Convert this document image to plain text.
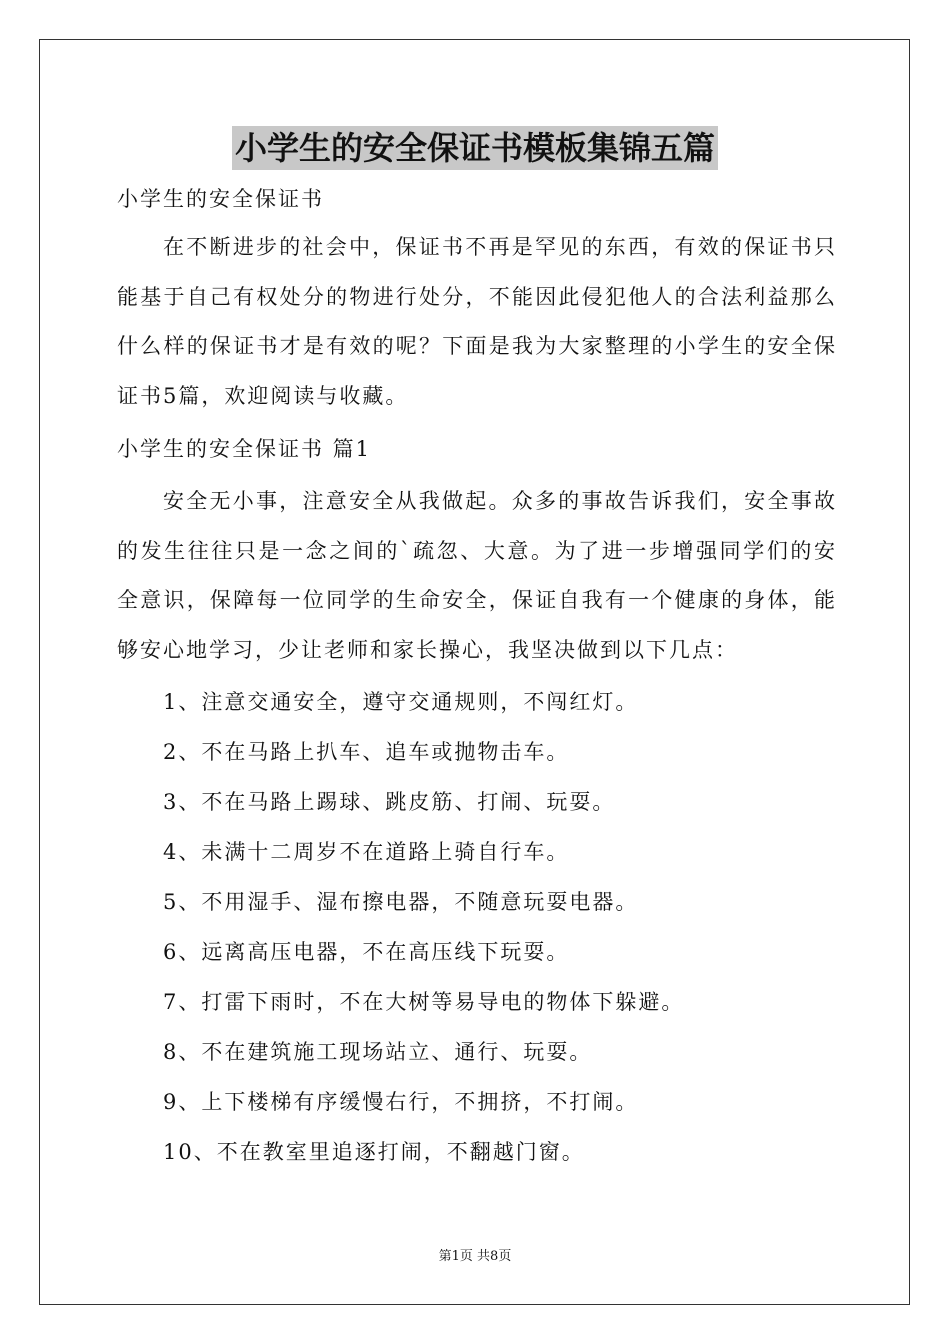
小学生的安全保证书模板集锦五篇
小学生的安全保证书

在不断进步的社会中，保证书不再是罕见的东西，有效的保证书只能基于自己有权处分的物进行处分，不能因此侵犯他人的合法利益那么什么样的保证书才是有效的呢？下面是我为大家整理的小学生的安全保证书5篇，欢迎阅读与收藏。

小学生的安全保证书 篇1

安全无小事，注意安全从我做起。众多的事故告诉我们，安全事故的发生往往只是一念之间的`疏忽、大意。为了进一步增强同学们的安全意识，保障每一位同学的生命安全，保证自我有一个健康的身体，能够安心地学习，少让老师和家长操心，我坚决做到以下几点：

1、注意交通安全，遵守交通规则，不闯红灯。
2、不在马路上扒车、追车或抛物击车。
3、不在马路上踢球、跳皮筋、打闹、玩耍。
4、未满十二周岁不在道路上骑自行车。
5、不用湿手、湿布擦电器，不随意玩耍电器。
6、远离高压电器，不在高压线下玩耍。
7、打雷下雨时，不在大树等易导电的物体下躲避。
8、不在建筑施工现场站立、通行、玩耍。
9、上下楼梯有序缓慢右行，不拥挤，不打闹。
10、不在教室里追逐打闹，不翻越门窗。
第1页 共8页
